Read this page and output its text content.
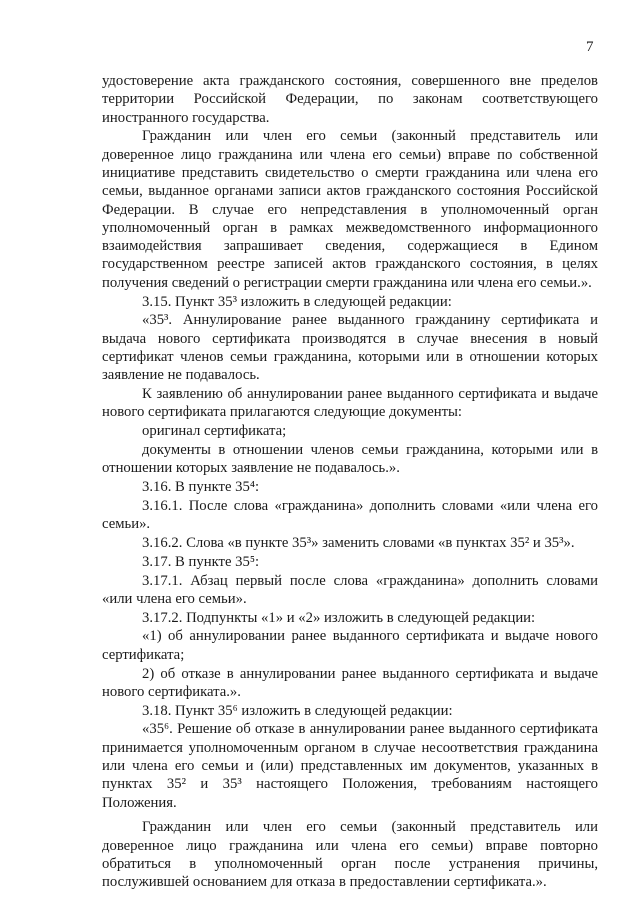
7

удостоверение акта гражданского состояния, совершенного вне пределов территории Российской Федерации, по законам соответствующего иностранного государства.

Гражданин или член его семьи (законный представитель или доверенное лицо гражданина или члена его семьи) вправе по собственной инициативе представить свидетельство о смерти гражданина или члена его семьи, выданное органами записи актов гражданского состояния Российской Федерации. В случае его непредставления в уполномоченный орган уполномоченный орган в рамках межведомственного информационного взаимодействия запрашивает сведения, содержащиеся в Едином государственном реестре записей актов гражданского состояния, в целях получения сведений о регистрации смерти гражданина или члена его семьи.».

3.15. Пункт 35³ изложить в следующей редакции:

«35³. Аннулирование ранее выданного гражданину сертификата и выдача нового сертификата производятся в случае внесения в новый сертификат членов семьи гражданина, которыми или в отношении которых заявление не подавалось.

К заявлению об аннулировании ранее выданного сертификата и выдаче нового сертификата прилагаются следующие документы:

оригинал сертификата;

документы в отношении членов семьи гражданина, которыми или в отношении которых заявление не подавалось.».

3.16. В пункте 35⁴:

3.16.1. После слова «гражданина» дополнить словами «или члена его семьи».

3.16.2. Слова «в пункте 35³» заменить словами «в пунктах 35² и 35³».

3.17. В пункте 35⁵:

3.17.1. Абзац первый после слова «гражданина» дополнить словами «или члена его семьи».

3.17.2. Подпункты «1» и «2» изложить в следующей редакции:

«1) об аннулировании ранее выданного сертификата и выдаче нового сертификата;

2) об отказе в аннулировании ранее выданного сертификата и выдаче нового сертификата.».

3.18. Пункт 35⁶ изложить в следующей редакции:

«35⁶. Решение об отказе в аннулировании ранее выданного сертификата принимается уполномоченным органом в случае несоответствия гражданина или члена его семьи и (или) представленных им документов, указанных в пунктах 35² и 35³ настоящего Положения, требованиям настоящего Положения.

Гражданин или член его семьи (законный представитель или доверенное лицо гражданина или члена его семьи) вправе повторно обратиться в уполномоченный орган после устранения причины, послужившей основанием для отказа в предоставлении сертификата.».
